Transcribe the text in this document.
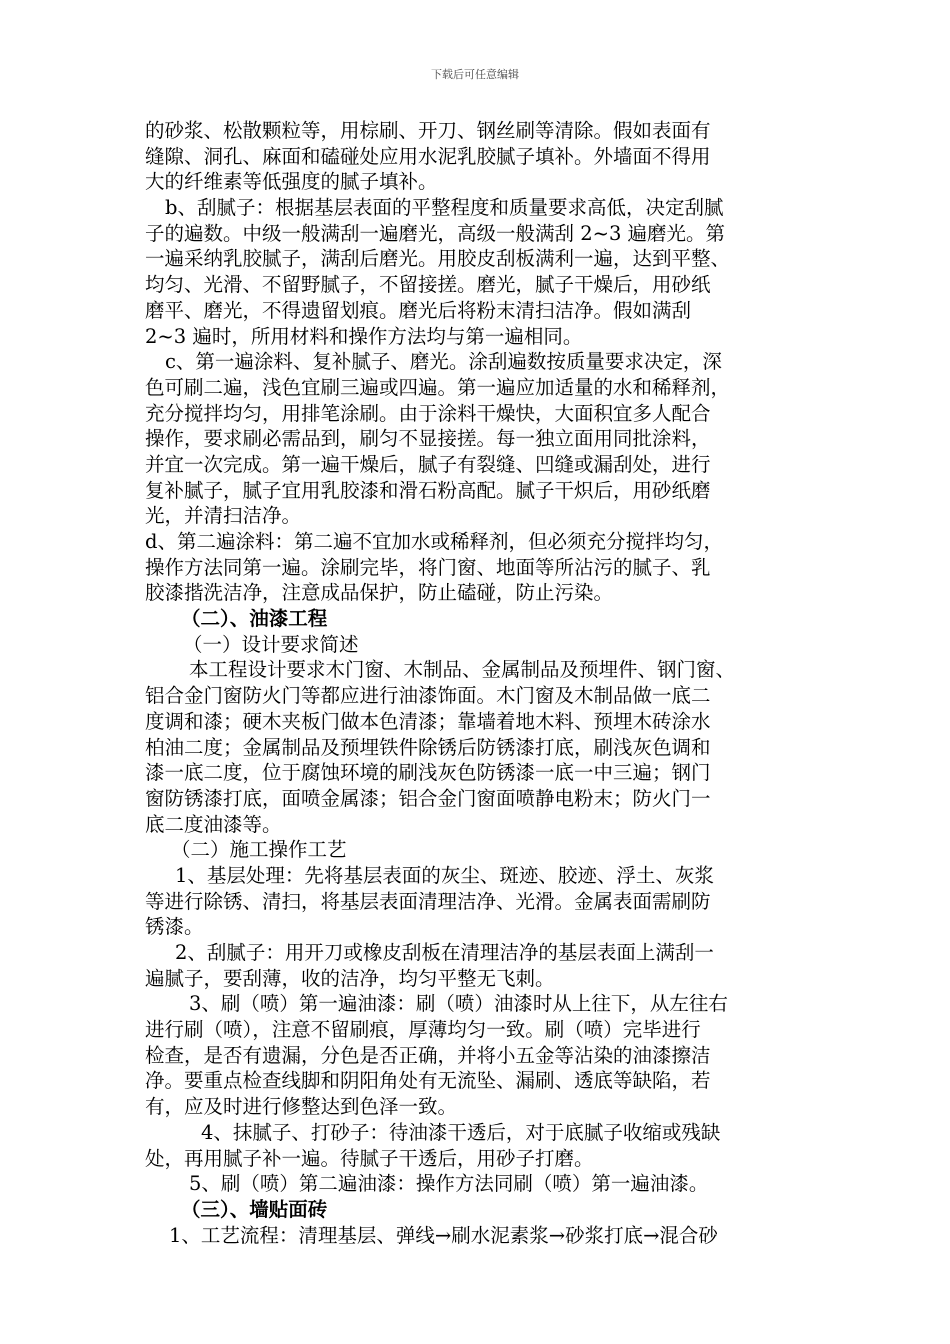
下载后可任意编辑
的砂浆、松散颗粒等，用棕刷、开刀、钢丝刷等清除。假如表面有
缝隙、洞孔、麻面和磕碰处应用水泥乳胶腻子填补。外墙面不得用
大的纤维素等低强度的腻子填补。
b、刮腻子：根据基层表面的平整程度和质量要求高低，决定刮腻
子的遍数。中级一般满刮一遍磨光，高级一般满刮 2~3 遍磨光。第
一遍采纳乳胶腻子，满刮后磨光。用胶皮刮板满利一遍，达到平整、
均匀、光滑、不留野腻子，不留接搓。磨光，腻子干燥后，用砂纸
磨平、磨光，不得遗留划痕。磨光后将粉末清扫洁净。假如满刮
2~3 遍时，所用材料和操作方法均与第一遍相同。
c、第一遍涂料、复补腻子、磨光。涂刮遍数按质量要求决定，深
色可刷二遍，浅色宜刷三遍或四遍。第一遍应加适量的水和稀释剂，
充分搅拌均匀，用排笔涂刷。由于涂料干燥快，大面积宜多人配合
操作，要求刷必需品到，刷匀不显接搓。每一独立面用同批涂料，
并宜一次完成。第一遍干燥后，腻子有裂缝、凹缝或漏刮处，进行
复补腻子，腻子宜用乳胶漆和滑石粉高配。腻子干炽后，用砂纸磨
光，并清扫洁净。
d、第二遍涂料：第二遍不宜加水或稀释剂，但必须充分搅拌均匀，
操作方法同第一遍。涂刷完毕，将门窗、地面等所沾污的腻子、乳
胶漆揩洗洁净，注意成品保护，防止磕碰，防止污染。
（二）、油漆工程
（一）设计要求简述
本工程设计要求木门窗、木制品、金属制品及预埋件、钢门窗、
铝合金门窗防火门等都应进行油漆饰面。木门窗及木制品做一底二
度调和漆；硬木夹板门做本色清漆；靠墙着地木料、预埋木砖涂水
柏油二度；金属制品及预埋铁件除锈后防锈漆打底，刷浅灰色调和
漆一底二度，位于腐蚀环境的刷浅灰色防锈漆一底一中三遍；钢门
窗防锈漆打底，面喷金属漆；铝合金门窗面喷静电粉末；防火门一
底二度油漆等。
（二）施工操作工艺
1、基层处理：先将基层表面的灰尘、斑迹、胶迹、浮土、灰浆
等进行除锈、清扫，将基层表面清理洁净、光滑。金属表面需刷防
锈漆。
2、刮腻子：用开刀或橡皮刮板在清理洁净的基层表面上满刮一
遍腻子，要刮薄，收的洁净，均匀平整无飞刺。
3、刷（喷）第一遍油漆：刷（喷）油漆时从上往下，从左往右
进行刷（喷），注意不留刷痕，厚薄均匀一致。刷（喷）完毕进行
检查，是否有遗漏，分色是否正确，并将小五金等沾染的油漆擦洁
净。要重点检查线脚和阴阳角处有无流坠、漏刷、透底等缺陷，若
有，应及时进行修整达到色泽一致。
4、抹腻子、打砂子：待油漆干透后，对于底腻子收缩或残缺
处，再用腻子补一遍。待腻子干透后，用砂子打磨。
5、刷（喷）第二遍油漆：操作方法同刷（喷）第一遍油漆。
（三）、墙贴面砖
1、工艺流程：清理基层、弹线→刷水泥素浆→砂浆打底→混合砂
